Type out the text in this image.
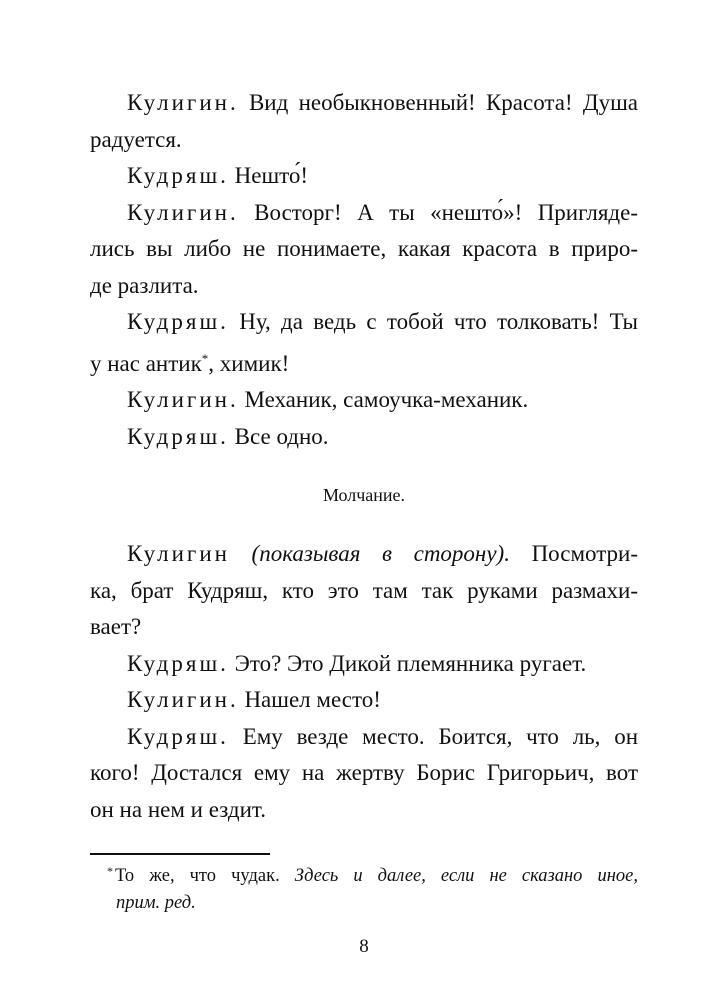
Кулигин. Вид необыкновенный! Красота! Душа

радуется.

Кудряш. Нешто́!

Кулигин. Восторг! А ты «нешто́»! Пригляде-

лись вы либо не понимаете, какая красота в приро-

де разлита.

Кудряш. Ну, да ведь с тобой что толковать! Ты

у нас антик*, химик!

Кулигин. Механик, самоучка-механик.

Кудряш. Все одно.

Молчание.

Кулигин (показывая в сторону). Посмотри-

ка, брат Кудряш, кто это там так руками размахи-

вает?

Кудряш. Это? Это Дикой племянника ругает.

Кулигин. Нашел место!

Кудряш. Ему везде место. Боится, что ль, он

кого! Достался ему на жертву Борис Григорьич, вот

он на нем и ездит.

* То же, что чудак. Здесь и далее, если не сказано иное,

прим. ред.

8
